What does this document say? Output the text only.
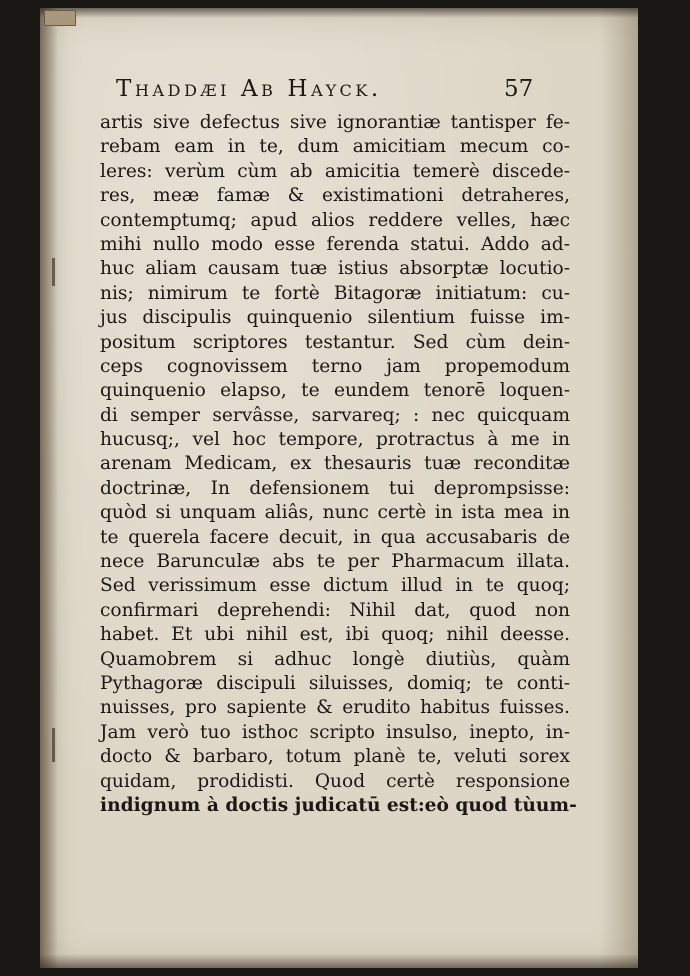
Thaddæi Ab Hayck.	57
artis sive defectus sive ignorantiæ tantisper fe-
rebam eam in te, dum amicitiam mecum co-
leres: verùm cùm ab amicitia temerè discede-
res, meæ famæ & existimationi detraheres,
contemptumq; apud alios reddere velles, hæc
mihi nullo modo esse ferenda statui. Addo ad-
huc aliam causam tuæ istius absorptæ locutio-
nis; nimirum te fortè Bitagoræ initiatum: cu-
jus discipulis quinquenio silentium fuisse im-
positum scriptores testantur. Sed cùm dein-
ceps cognovissem terno jam propemodum
quinquenio elapso, te eundem tenorē loquen-
di semper servâsse, sarvareq; : nec quicquam
hucusq;, vel hoc tempore, protractus à me in
arenam Medicam, ex thesauris tuæ reconditæ
doctrinæ, In defensionem tui deprompsisse:
quòd si unquam aliâs, nunc certè in ista mea in
te querela facere decuit, in qua accusabaris de
nece Barunculæ abs te per Pharmacum illata.
Sed verissimum esse dictum illud in te quoq;
confirmari deprehendi: Nihil dat, quod non
habet. Et ubi nihil est, ibi quoq; nihil deesse.
Quamobrem si adhuc longè diutiùs, quàm
Pythagoræ discipuli siluisses, domiq; te conti-
nuisses, pro sapiente & erudito habitus fuisses.
Jam verò tuo isthoc scripto insulso, inepto, in-
docto & barbaro, totum planè te, veluti sorex
quidam, prodidisti. Quod certè responsione
indignum à doctis judicatū est:eò quod tùum-
